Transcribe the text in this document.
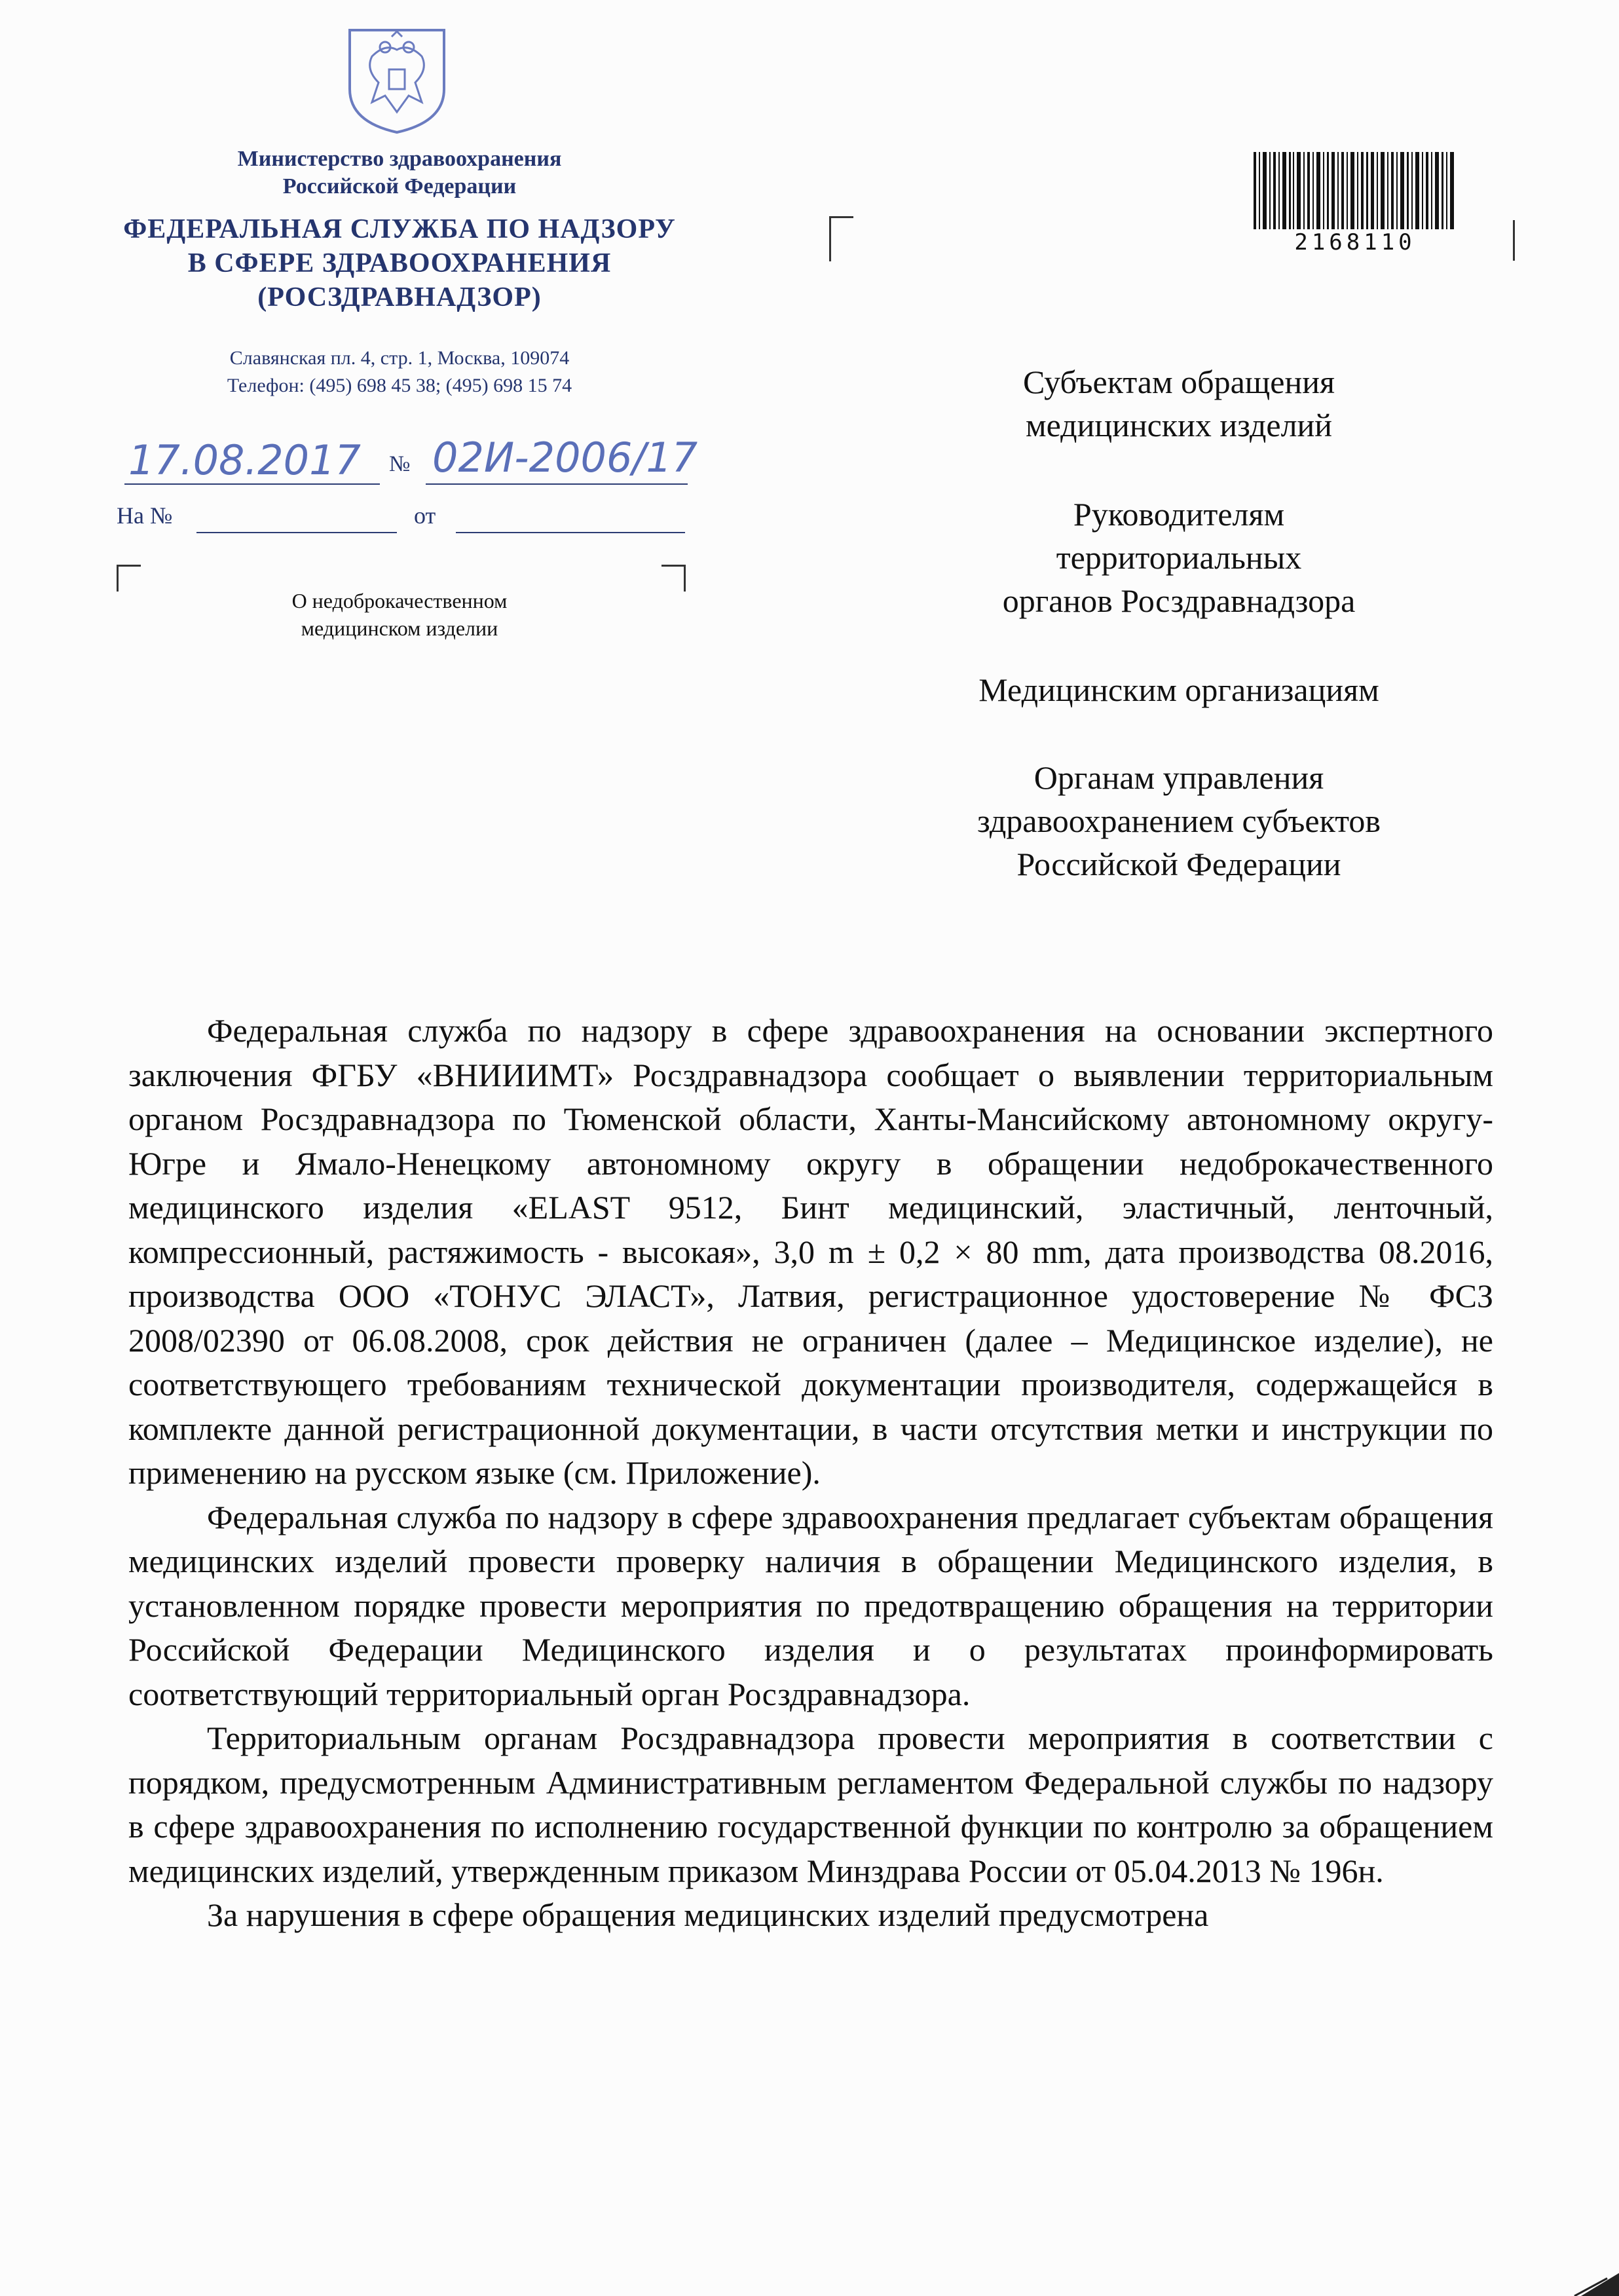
Министерство здравоохранения
Российской Федерации
ФЕДЕРАЛЬНАЯ СЛУЖБА ПО НАДЗОРУ
В СФЕРЕ ЗДРАВООХРАНЕНИЯ
(РОСЗДРАВНАДЗОР)
Славянская пл. 4, стр. 1, Москва, 109074
Телефон: (495) 698 45 38; (495) 698 15 74
17.08.2017	№ 02И-2006/17
На №	от
О недоброкачественном
медицинском изделии
2168110
Субъектам обращения
медицинских изделий
Руководителям
территориальных
органов Росздравнадзора
Медицинским организациям
Органам управления
здравоохранением субъектов
Российской Федерации

Федеральная служба по надзору в сфере здравоохранения на основании экспертного заключения ФГБУ «ВНИИИМТ» Росздравнадзора сообщает о выявлении территориальным органом Росздравнадзора по Тюменской области, Ханты-Мансийскому автономному округу-Югре и Ямало-Ненецкому автономному округу в обращении недоброкачественного медицинского изделия «ELAST 9512, Бинт медицинский, эластичный, ленточный, компрессионный, растяжимость - высокая», 3,0 m ± 0,2 × 80 mm, дата производства 08.2016, производства ООО «ТОНУС ЭЛАСТ», Латвия, регистрационное удостоверение № ФСЗ 2008/02390 от 06.08.2008, срок действия не ограничен (далее – Медицинское изделие), не соответствующего требованиям технической документации производителя, содержащейся в комплекте данной регистрационной документации, в части отсутствия метки и инструкции по применению на русском языке (см. Приложение).

Федеральная служба по надзору в сфере здравоохранения предлагает субъектам обращения медицинских изделий провести проверку наличия в обращении Медицинского изделия, в установленном порядке провести мероприятия по предотвращению обращения на территории Российской Федерации Медицинского изделия и о результатах проинформировать соответствующий территориальный орган Росздравнадзора.

Территориальным органам Росздравнадзора провести мероприятия в соответствии с порядком, предусмотренным Административным регламентом Федеральной службы по надзору в сфере здравоохранения по исполнению государственной функции по контролю за обращением медицинских изделий, утвержденным приказом Минздрава России от 05.04.2013 № 196н.

За нарушения в сфере обращения медицинских изделий предусмотрена
